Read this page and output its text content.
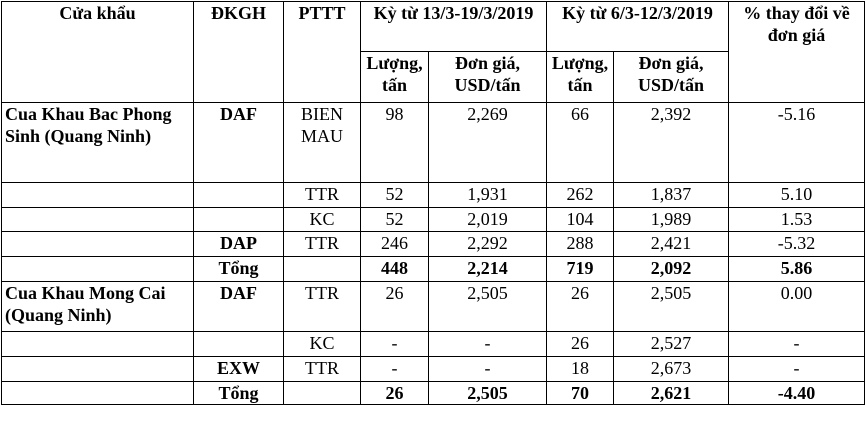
Cửa khẩu	ĐKGH	PTTT	Kỳ từ 13/3-19/3/2019		Kỳ từ 6/3-12/3/2019		% thay đổi về đơn giá
			Lượng, tấn	Đơn giá, USD/tấn	Lượng, tấn	Đơn giá, USD/tấn	
Cua Khau Bac Phong Sinh (Quang Ninh)	DAF	BIEN MAU	98	2,269	66	2,392	-5.16
		TTR	52	1,931	262	1,837	5.10
		KC	52	2,019	104	1,989	1.53
	DAP	TTR	246	2,292	288	2,421	-5.32
	Tổng		448	2,214	719	2,092	5.86
Cua Khau Mong Cai (Quang Ninh)	DAF	TTR	26	2,505	26	2,505	0.00
		KC	-	-	26	2,527	-
	EXW	TTR	-	-	18	2,673	-
	Tổng		26	2,505	70	2,621	-4.40
